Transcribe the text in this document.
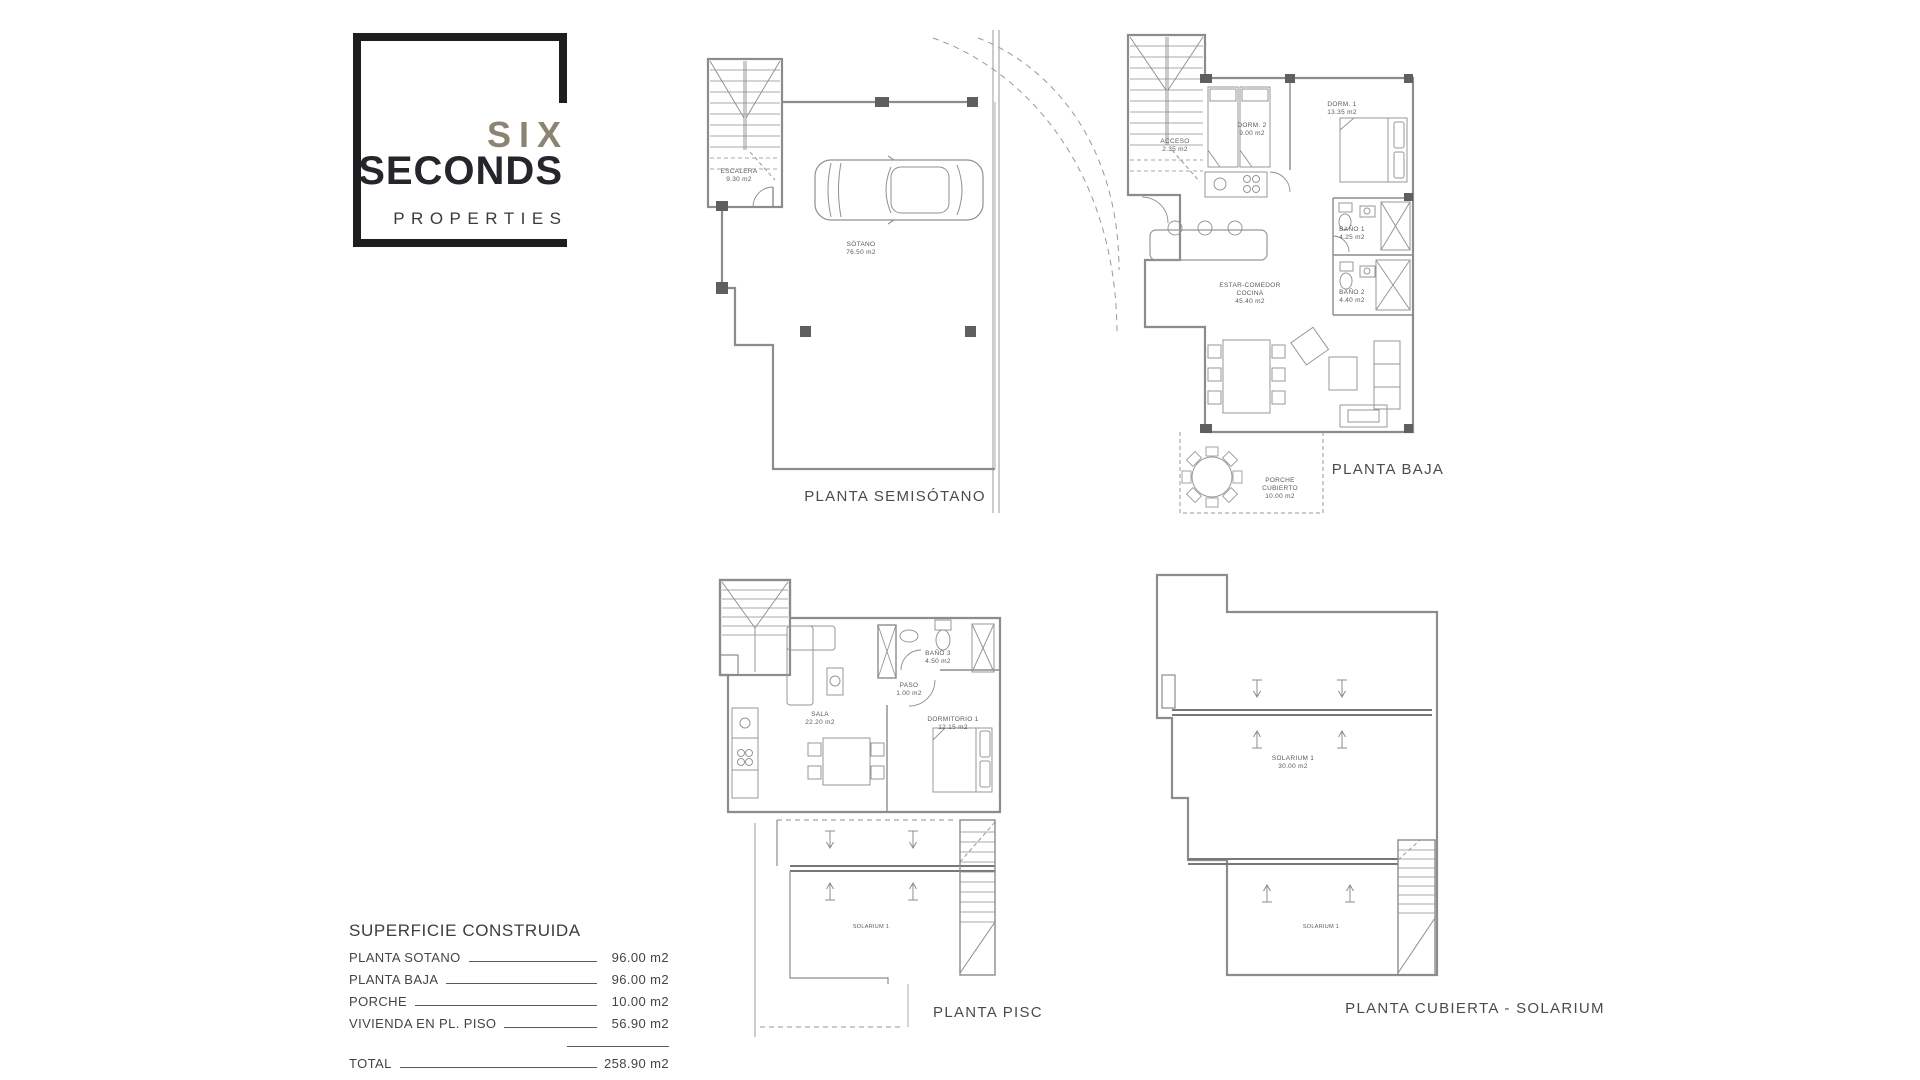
SIX
SECONDS
PROPERTIES
ESCALERA
9.30 m2
SÓTANO
76.50 m2
PLANTA SEMISÓTANO
ACCESO
2.35 m2
DORM. 2
9.00 m2
DORM. 1
13.35 m2
BAÑO 1
4.25 m2
BAÑO 2
4.40 m2
ESTAR-COMEDOR
COCINA
45.40 m2
PORCHE
CUBIERTO
10.00 m2
PLANTA BAJA
SALA
22.20 m2
PASO
1.00 m2
BAÑO 3
4.50 m2
DORMITORIO 1
12.15 m2
SOLARIUM 1
PLANTA PISC
SOLARIUM 1
30.00 m2
SOLARIUM 1
PLANTA CUBIERTA - SOLARIUM
SUPERFICIE CONSTRUIDA
PLANTA SOTANO	96.00 m2
PLANTA BAJA	96.00 m2
PORCHE	10.00 m2
VIVIENDA EN PL. PISO	56.90 m2
TOTAL	258.90 m2
